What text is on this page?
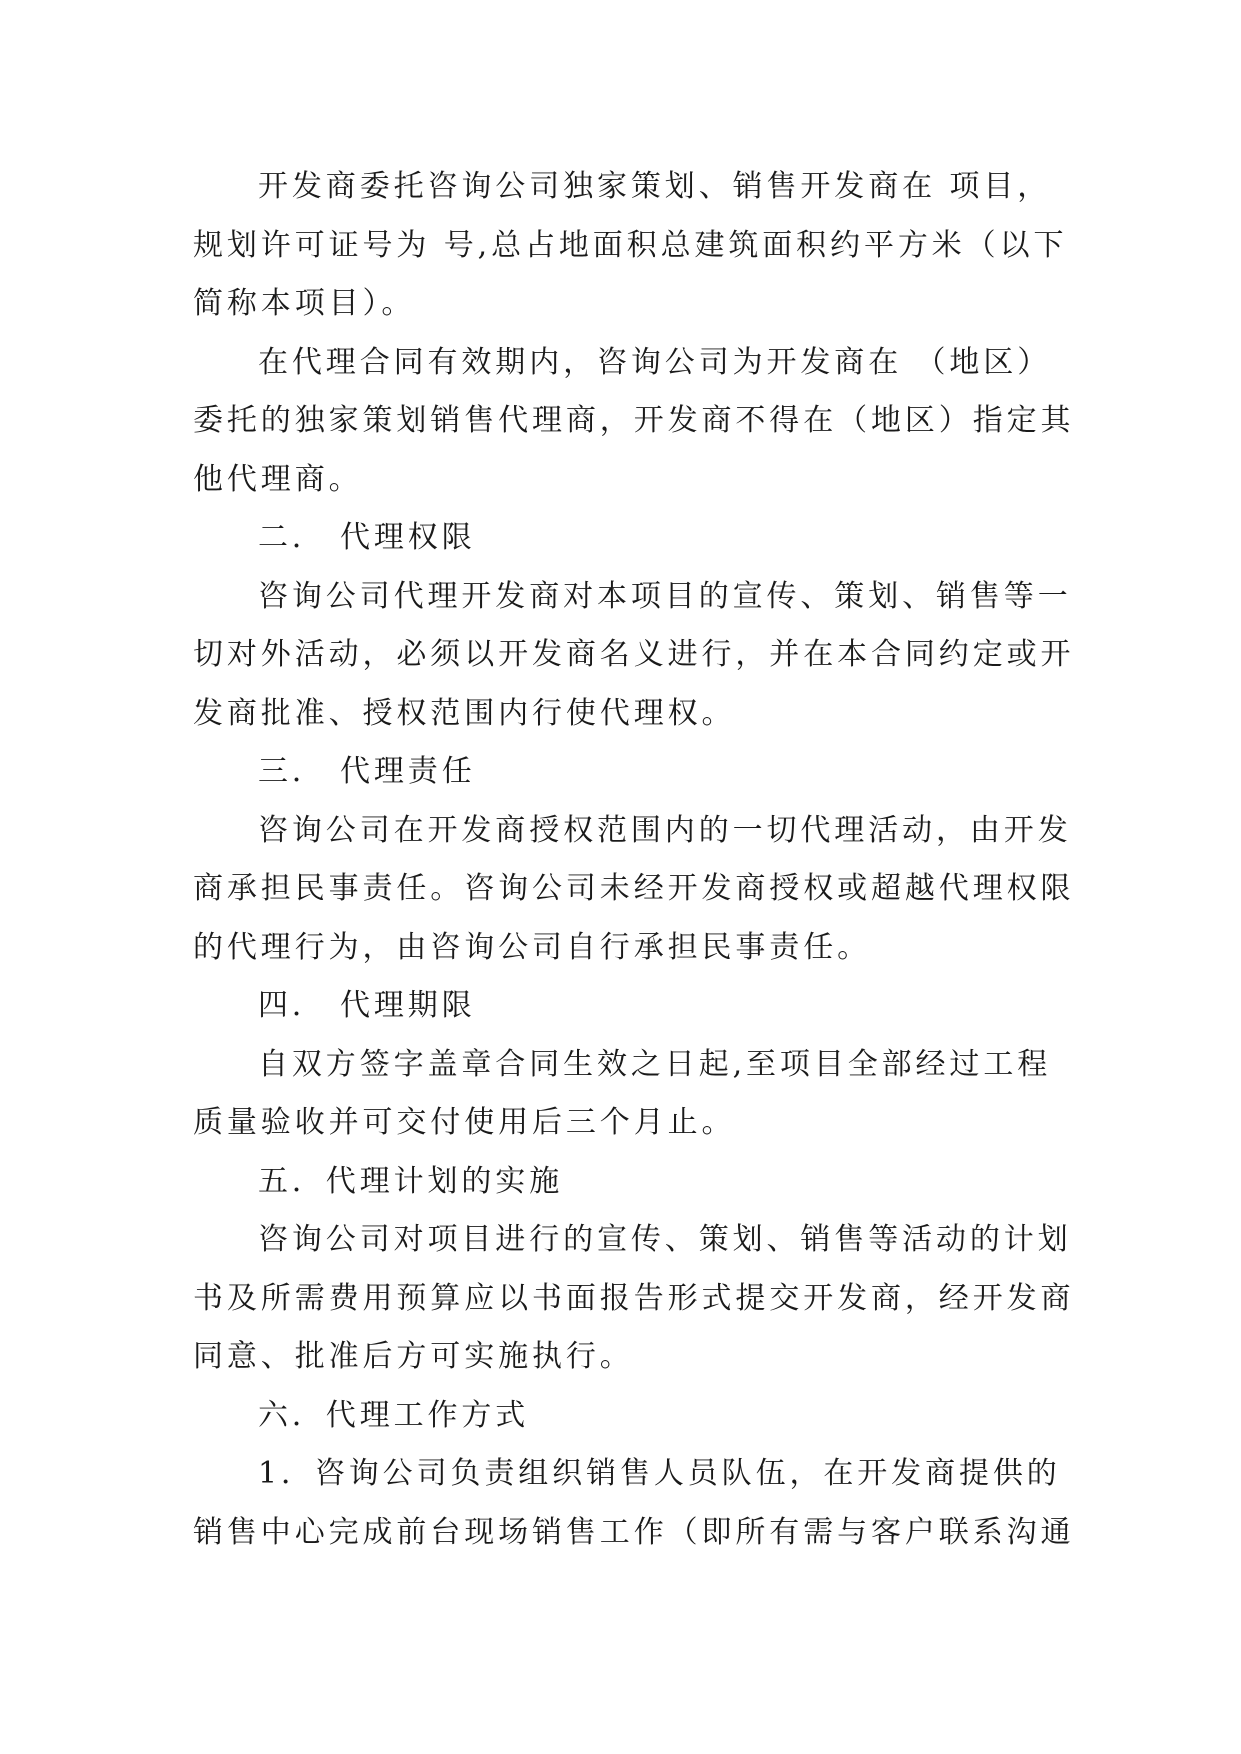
开发商委托咨询公司独家策划、销售开发商在 项目，
规划许可证号为 号,总占地面积总建筑面积约平方米（以下
简称本项目）。
在代理合同有效期内，咨询公司为开发商在 （地区）
委托的独家策划销售代理商，开发商不得在（地区）指定其
他代理商。
二． 代理权限
咨询公司代理开发商对本项目的宣传、策划、销售等一
切对外活动，必须以开发商名义进行，并在本合同约定或开
发商批准、授权范围内行使代理权。
三． 代理责任
咨询公司在开发商授权范围内的一切代理活动，由开发
商承担民事责任。咨询公司未经开发商授权或超越代理权限
的代理行为，由咨询公司自行承担民事责任。
四． 代理期限
自双方签字盖章合同生效之日起,至项目全部经过工程
质量验收并可交付使用后三个月止。
五．代理计划的实施
咨询公司对项目进行的宣传、策划、销售等活动的计划
书及所需费用预算应以书面报告形式提交开发商，经开发商
同意、批准后方可实施执行。
六．代理工作方式
1．咨询公司负责组织销售人员队伍，在开发商提供的
销售中心完成前台现场销售工作（即所有需与客户联系沟通
